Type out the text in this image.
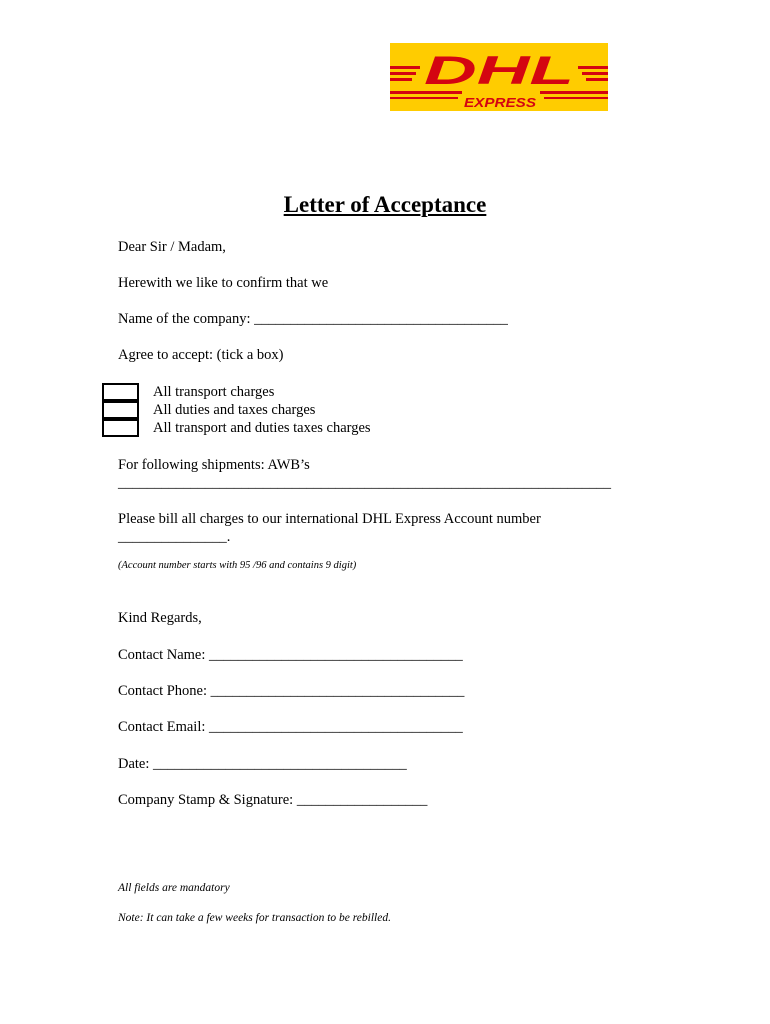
DHL
EXPRESS
Letter of Acceptance
Dear Sir / Madam,
Herewith we like to confirm that we
Name of the company: ___________________________________
Agree to accept: (tick a box)
All transport charges
All duties and taxes charges
All transport and duties taxes charges
For following shipments: AWB’s
____________________________________________________________________
Please bill all charges to our international DHL Express Account number
_______________.
(Account number starts with 95 /96 and contains 9 digit)
Kind Regards,
Contact Name: ___________________________________
Contact Phone: ___________________________________
Contact Email: ___________________________________
Date: ___________________________________
Company Stamp & Signature: __________________
All fields are mandatory
Note: It can take a few weeks for transaction to be rebilled.
